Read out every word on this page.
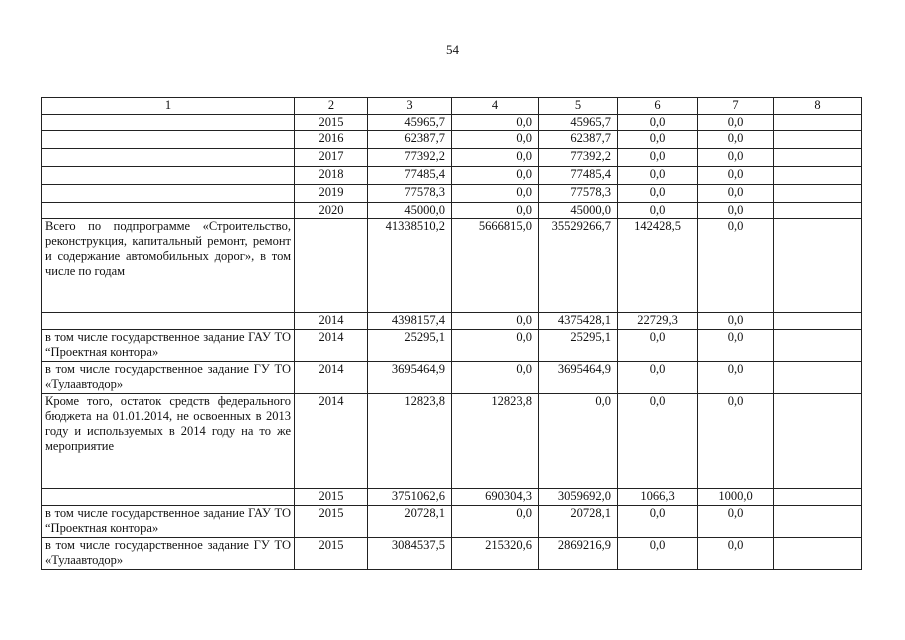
54
1	2	3	4	5	6	7	8
	2015	45965,7	0,0	45965,7	0,0	0,0	
	2016	62387,7	0,0	62387,7	0,0	0,0	
	2017	77392,2	0,0	77392,2	0,0	0,0	
	2018	77485,4	0,0	77485,4	0,0	0,0	
	2019	77578,3	0,0	77578,3	0,0	0,0	
	2020	45000,0	0,0	45000,0	0,0	0,0	
Всего по подпрограмме «Строительство, реконструкция, капитальный ремонт, ремонт и содержание автомобильных дорог», в том числе по годам		41338510,2	5666815,0	35529266,7	142428,5	0,0	
	2014	4398157,4	0,0	4375428,1	22729,3	0,0	
в том числе государственное задание ГАУ ТО “Проектная контора»	2014	25295,1	0,0	25295,1	0,0	0,0	
в том числе государственное задание ГУ ТО «Тулаавтодор»	2014	3695464,9	0,0	3695464,9	0,0	0,0	
Кроме того, остаток средств федерального бюджета на 01.01.2014, не освоенных в 2013 году и используемых в 2014 году на то же мероприятие	2014	12823,8	12823,8	0,0	0,0	0,0	
	2015	3751062,6	690304,3	3059692,0	1066,3	1000,0	
в том числе государственное задание ГАУ ТО “Проектная контора»	2015	20728,1	0,0	20728,1	0,0	0,0	
в том числе государственное задание ГУ ТО «Тулаавтодор»	2015	3084537,5	215320,6	2869216,9	0,0	0,0	
